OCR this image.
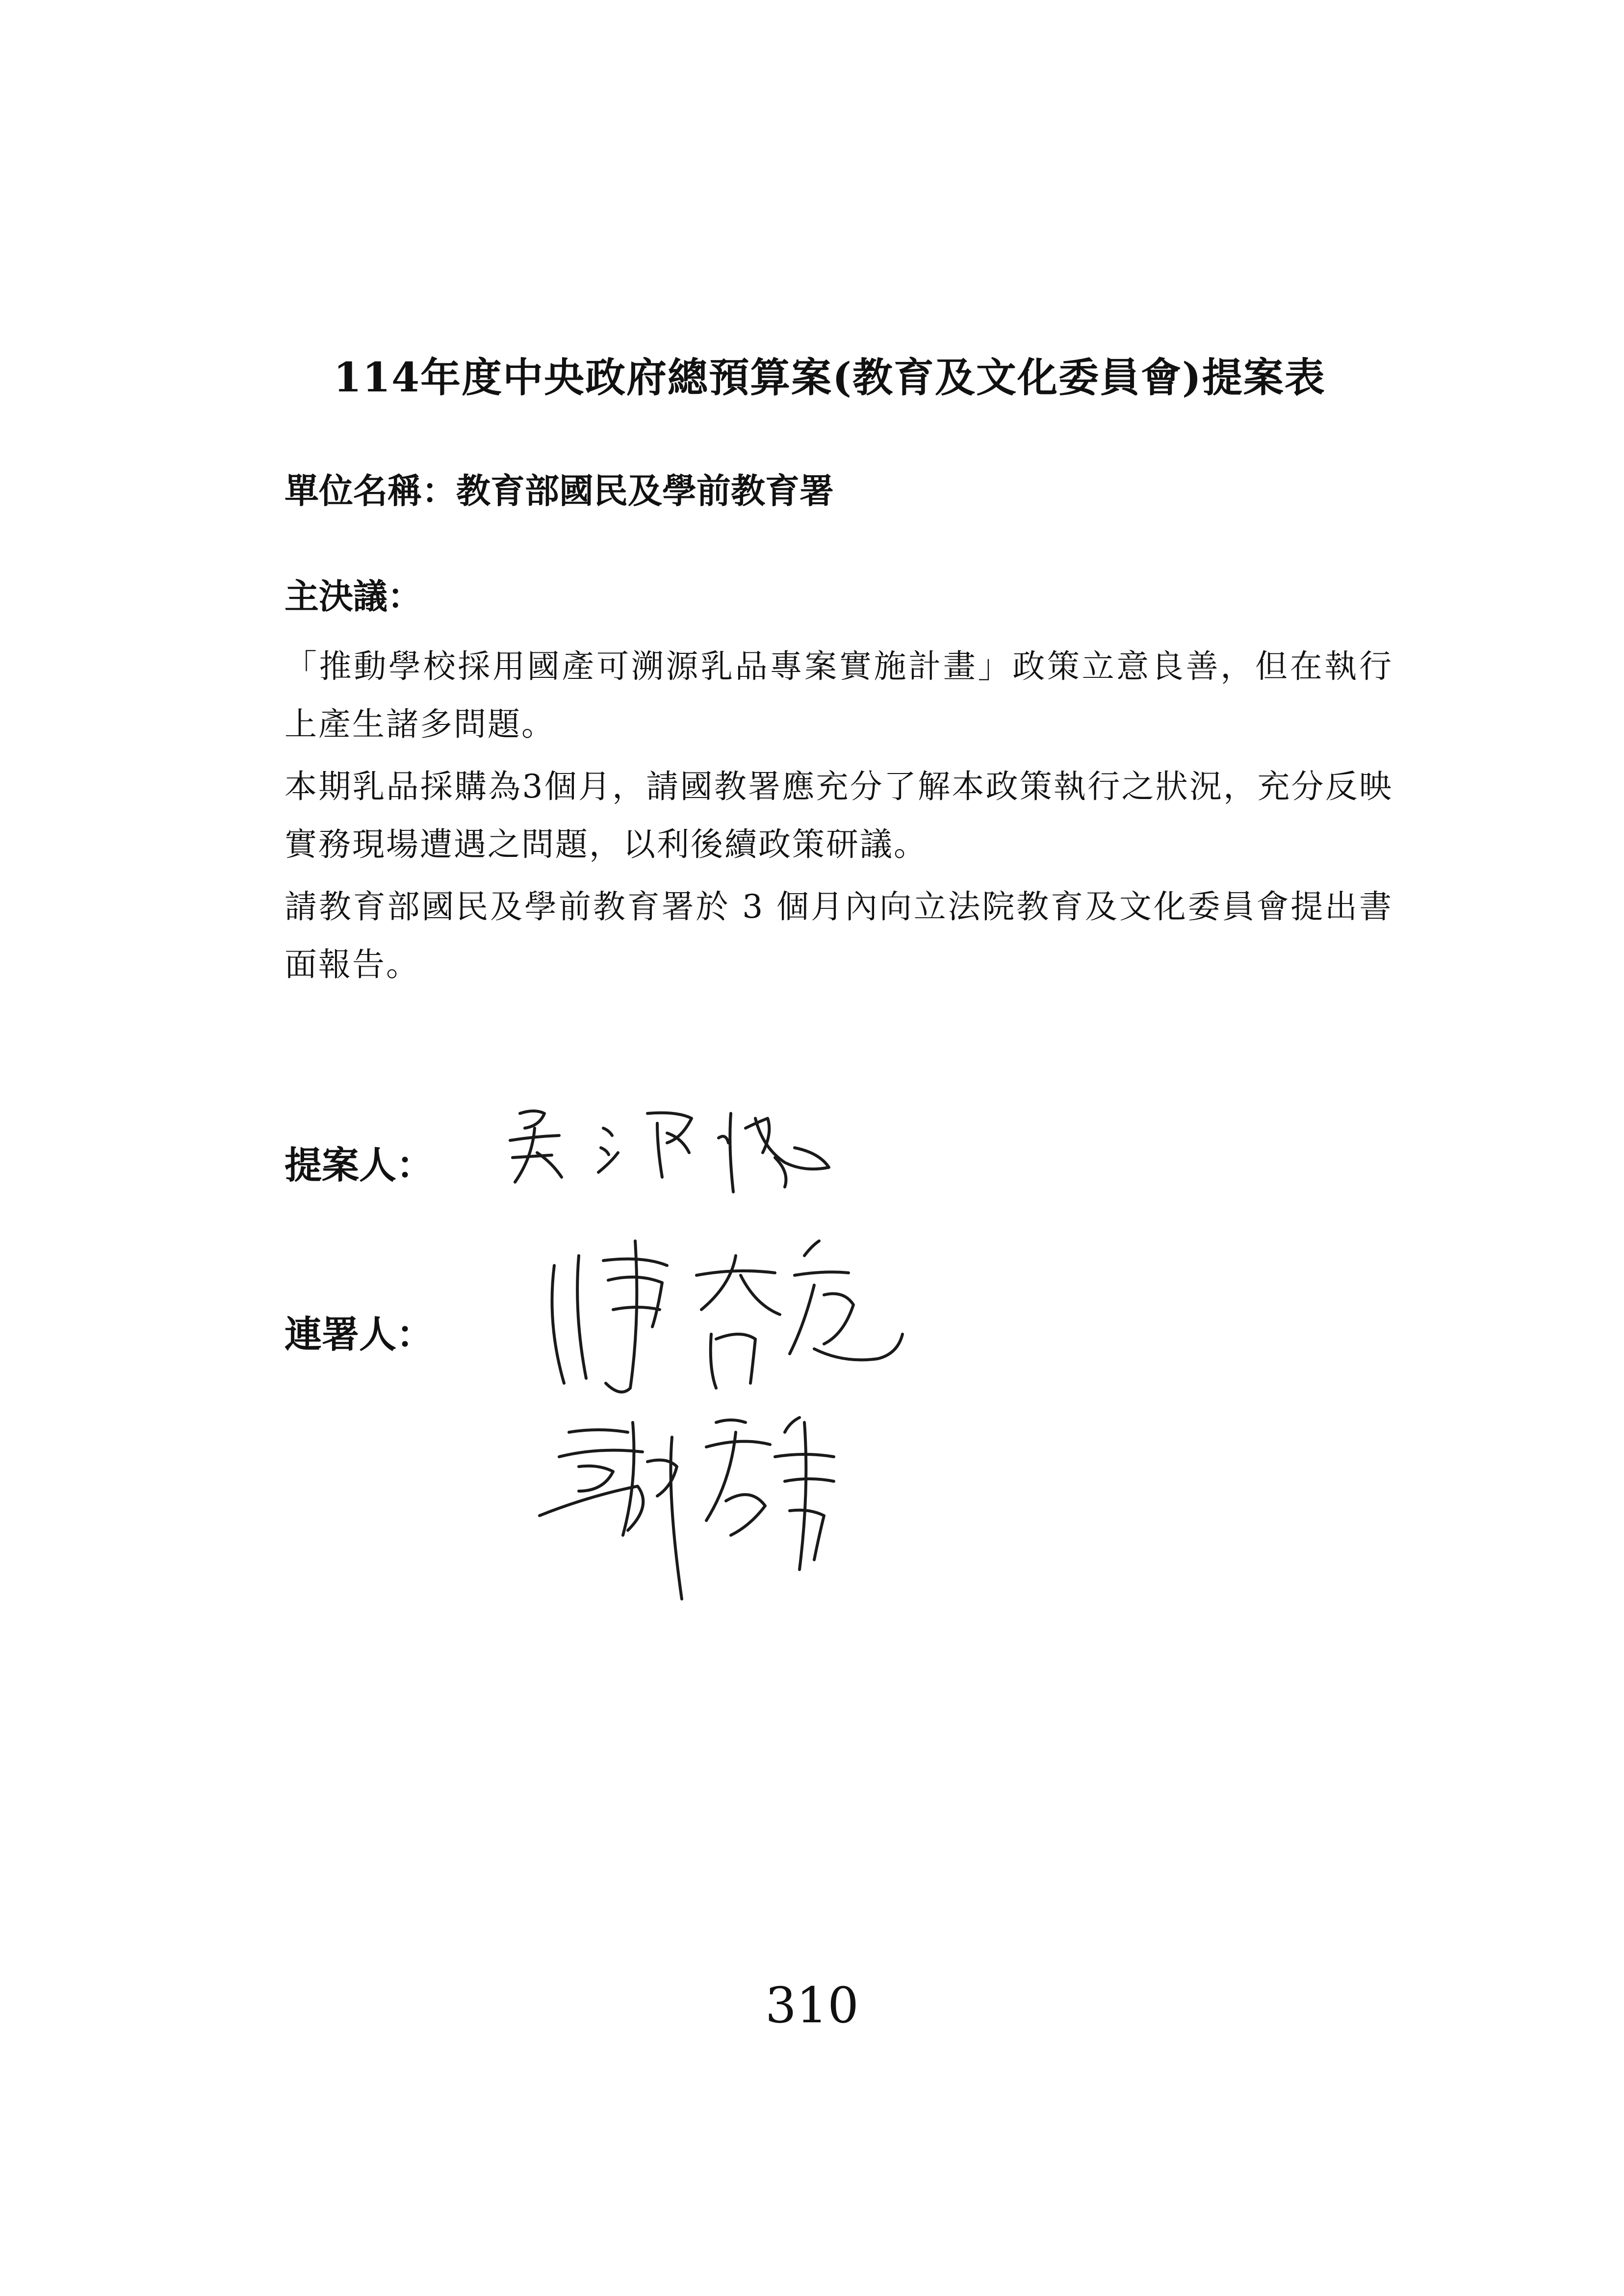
114年度中央政府總預算案(教育及文化委員會)提案表
單位名稱：教育部國民及學前教育署
主決議：
「推動學校採用國產可溯源乳品專案實施計畫」政策立意良善，但在執行上產生諸多問題。
本期乳品採購為3個月，請國教署應充分了解本政策執行之狀況，充分反映實務現場遭遇之問題，以利後續政策研議。
請教育部國民及學前教育署於 3 個月內向立法院教育及文化委員會提出書面報告。
提案人：
連署人：
310
